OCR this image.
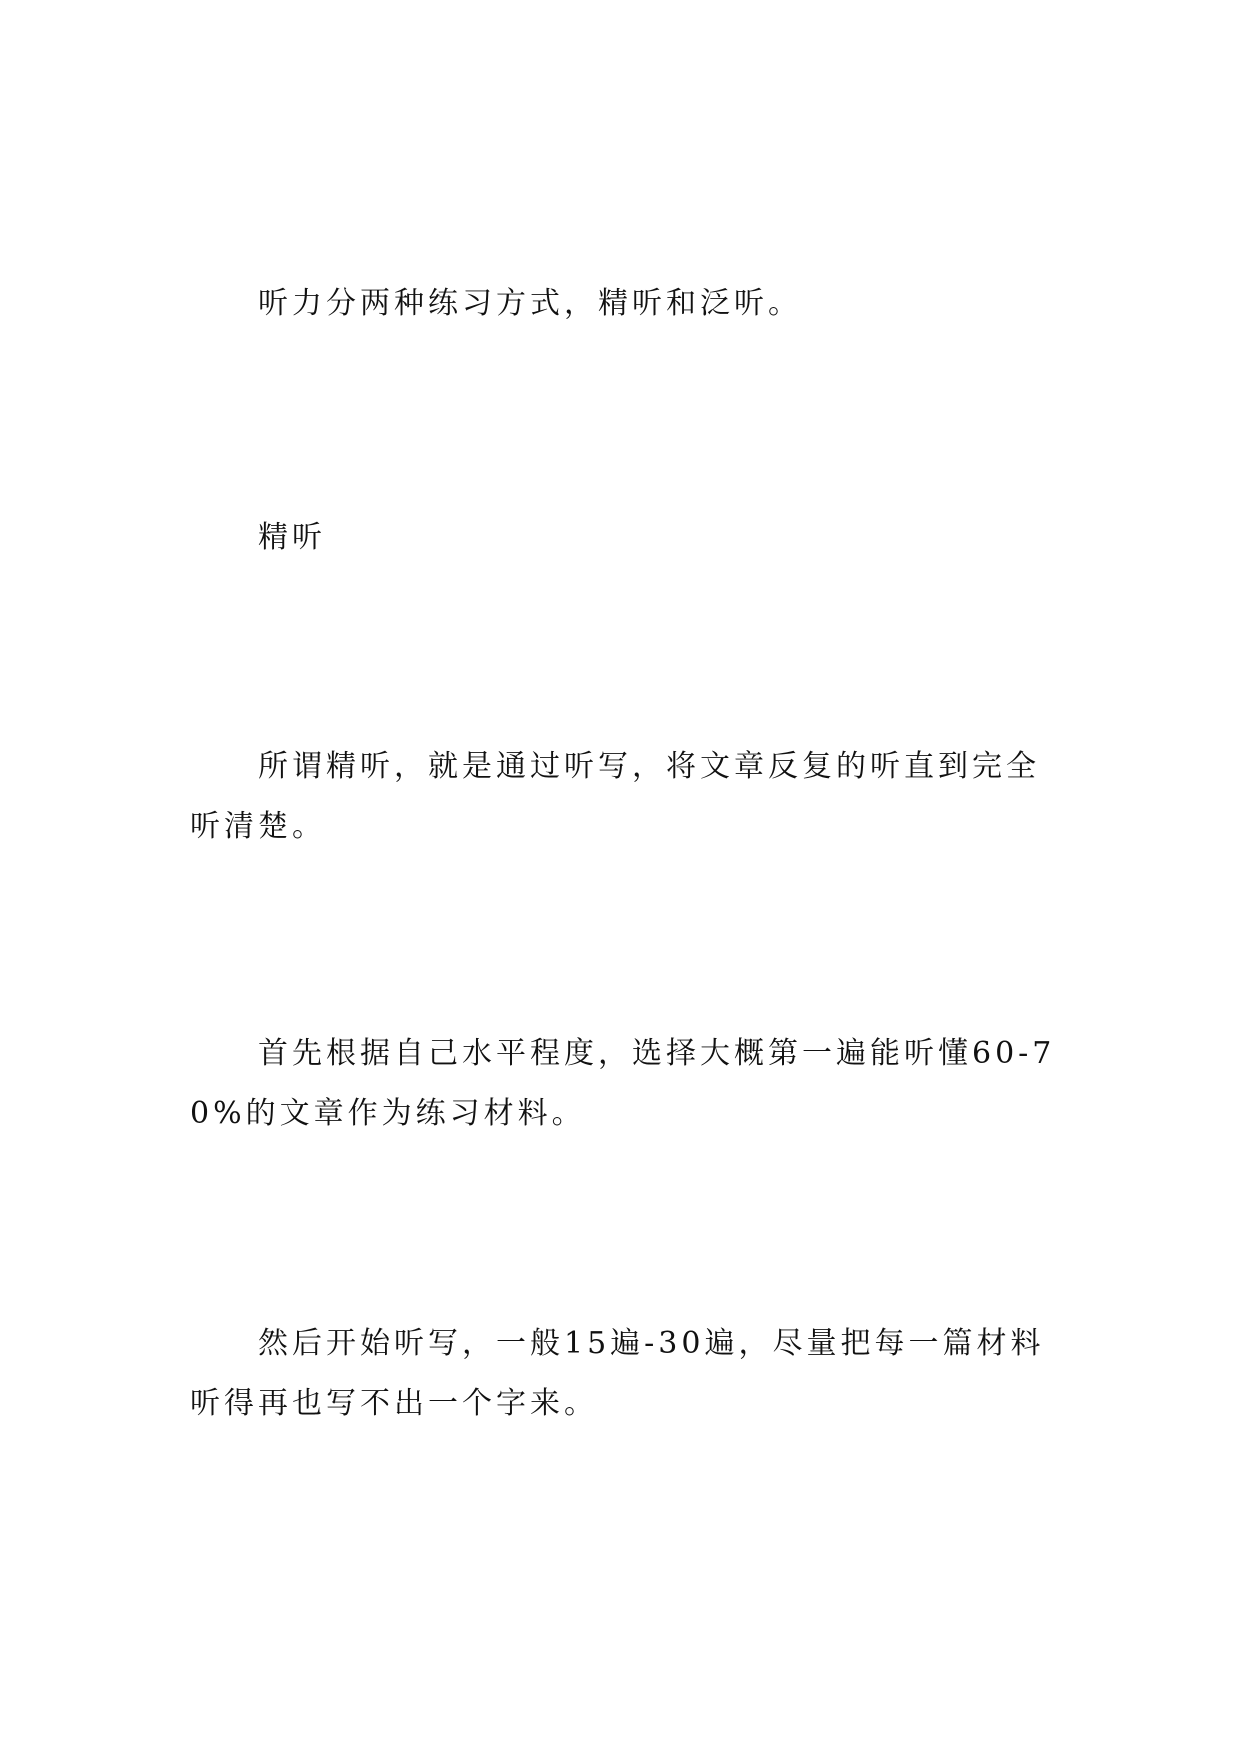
听力分两种练习方式，精听和泛听。

精听

所谓精听，就是通过听写，将文章反复的听直到完全听清楚。

首先根据自己水平程度，选择大概第一遍能听懂60-70%的文章作为练习材料。

然后开始听写，一般15遍-30遍，尽量把每一篇材料听得再也写不出一个字来。
